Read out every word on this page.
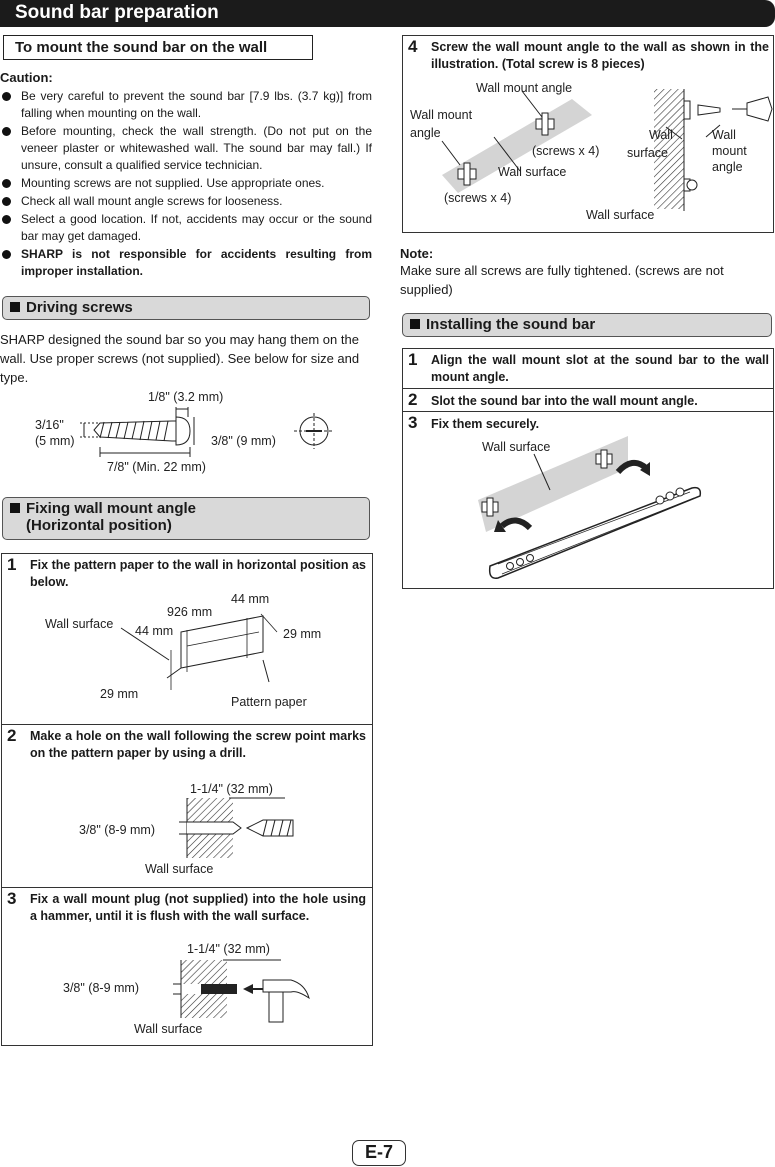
Sound bar preparation
To mount the sound bar on the wall
Caution:
Be very careful to prevent the sound bar [7.9 lbs. (3.7 kg)] from falling when mounting on the wall.
Before mounting, check the wall strength. (Do not put on the veneer plaster or whitewashed wall. The sound bar may fall.) If unsure, consult a qualified service technician.
Mounting screws are not supplied. Use appropriate ones.
Check all wall mount angle screws for looseness.
Select a good location. If not, accidents may occur or the sound bar may get damaged.
SHARP is not responsible for accidents resulting from improper installation.
Driving screws
SHARP designed the sound bar so you may hang them on the wall. Use proper screws (not supplied). See below for size and type.
1/8" (3.2 mm)
3/16"
(5 mm)	3/8" (9 mm)
7/8" (Min. 22 mm)
Fixing wall mount angle
(Horizontal position)
1 Fix the pattern paper to the wall in horizontal position as below.
Wall surface
926 mm
44 mm
44 mm
29 mm
29 mm
Pattern paper
2 Make a hole on the wall following the screw point marks on the pattern paper by using a drill.
1-1/4" (32 mm)
3/8" (8-9 mm)
Wall surface
3 Fix a wall mount plug (not supplied) into the hole using a hammer, until it is flush with the wall surface.
1-1/4" (32 mm)
3/8" (8-9 mm)
Wall surface
4 Screw the wall mount angle to the wall as shown in the illustration. (Total screw is 8 pieces)
Wall mount angle
Wall mount
angle
(screws x 4)
Wall surface
(screws x 4)
Wall
surface
Wall
mount
angle
Wall surface
Note:
Make sure all screws are fully tightened. (screws are not supplied)
Installing the sound bar
1 Align the wall mount slot at the sound bar to the wall mount angle.
2 Slot the sound bar into the wall mount angle.
3 Fix them securely.
Wall surface
E-7
